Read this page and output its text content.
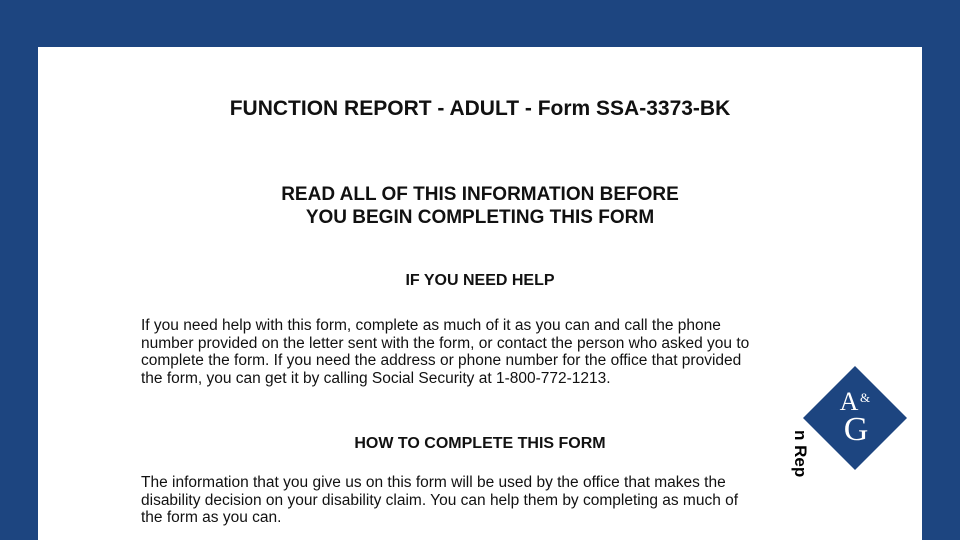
FUNCTION REPORT - ADULT - Form SSA-3373-BK
READ ALL OF THIS INFORMATION BEFORE
YOU BEGIN COMPLETING THIS FORM
IF YOU NEED HELP
If you need help with this form, complete as much of it as you can and call the phone
number provided on the letter sent with the form, or contact the person who asked you to
complete the form. If you need the address or phone number for the office that provided
the form, you can get it by calling Social Security at 1-800-772-1213.
HOW TO COMPLETE THIS FORM
The information that you give us on this form will be used by the office that makes the
disability decision on your disability claim. You can help them by completing as much of
the form as you can.
n Rep
A &
G
